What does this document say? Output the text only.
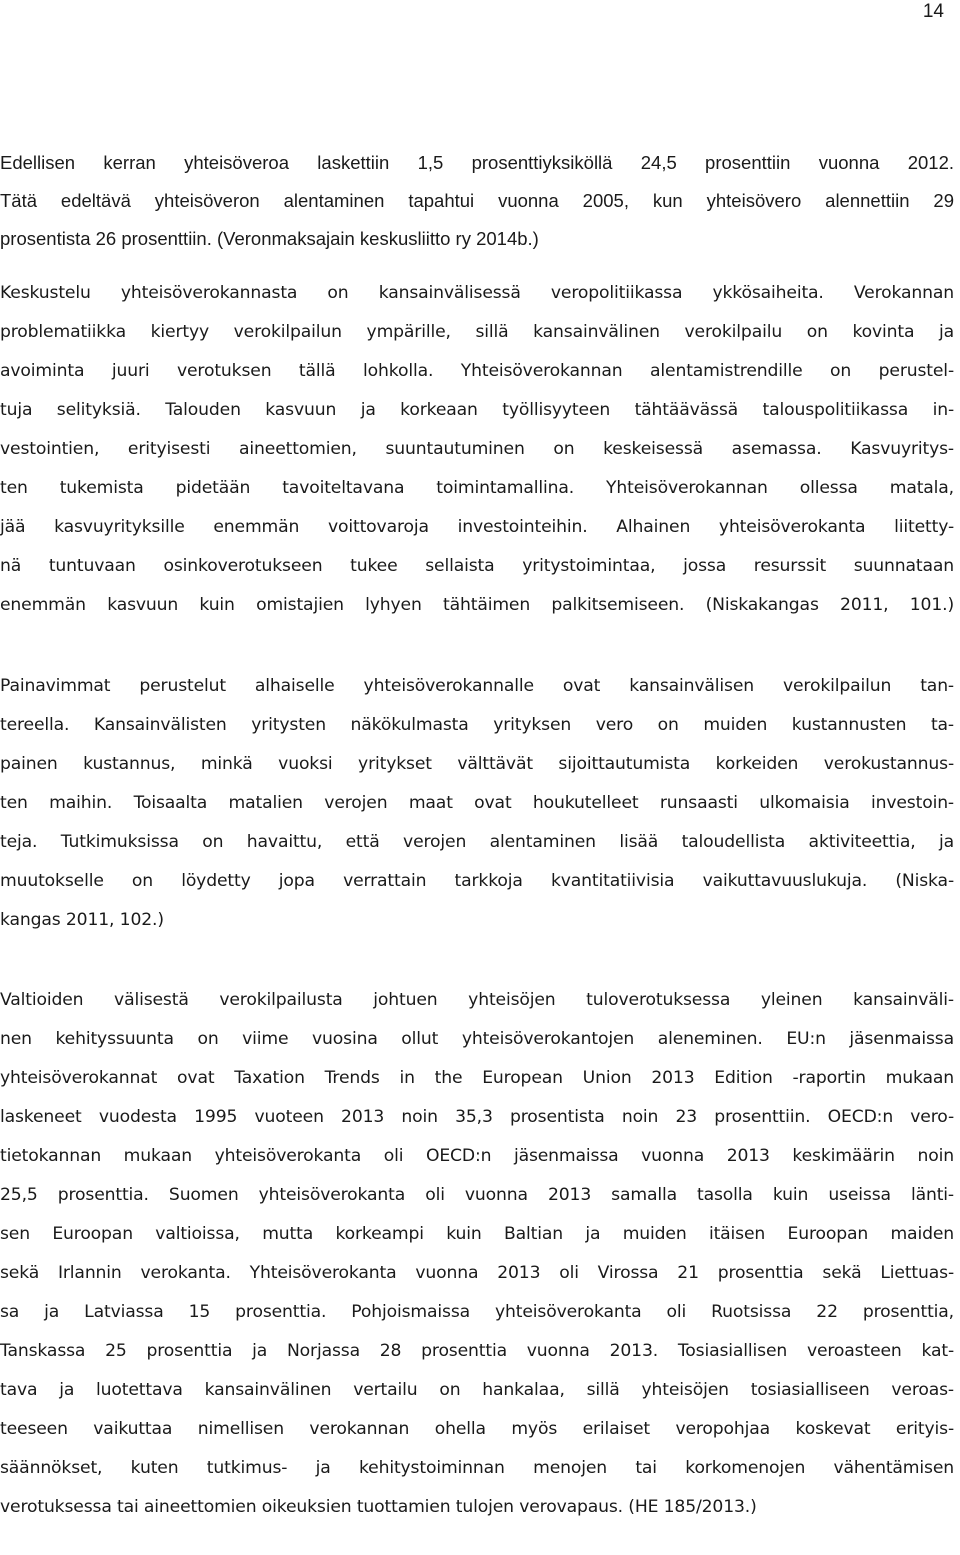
14

Edellisen kerran yhteisöveroa laskettiin 1,5 prosenttiyksiköllä 24,5 prosenttiin vuonna 2012.

Tätä edeltävä yhteisöveron alentaminen tapahtui vuonna 2005, kun yhteisövero alennettiin 29

prosentista 26 prosenttiin. (Veronmaksajain keskusliitto ry 2014b.)

Keskustelu yhteisöverokannasta on kansainvälisessä veropolitiikassa ykkösaiheita. Verokannan

problematiikka kiertyy verokilpailun ympärille, sillä kansainvälinen verokilpailu on kovinta ja

avoiminta juuri verotuksen tällä lohkolla. Yhteisöverokannan alentamistrendille on perustel-

tuja selityksiä. Talouden kasvuun ja korkeaan työllisyyteen tähtäävässä talouspolitiikassa in-

vestointien, erityisesti aineettomien, suuntautuminen on keskeisessä asemassa. Kasvuyritys-

ten tukemista pidetään tavoiteltavana toimintamallina. Yhteisöverokannan ollessa matala,

jää kasvuyrityksille enemmän voittovaroja investointeihin. Alhainen yhteisöverokanta liitetty-

nä tuntuvaan osinkoverotukseen tukee sellaista yritystoimintaa, jossa resurssit suunnataan

enemmän kasvuun kuin omistajien lyhyen tähtäimen palkitsemiseen. (Niskakangas 2011, 101.)

Painavimmat perustelut alhaiselle yhteisöverokannalle ovat kansainvälisen verokilpailun tan-

tereella. Kansainvälisten yritysten näkökulmasta yrityksen vero on muiden kustannusten ta-

painen kustannus, minkä vuoksi yritykset välttävät sijoittautumista korkeiden verokustannus-

ten maihin. Toisaalta matalien verojen maat ovat houkutelleet runsaasti ulkomaisia investoin-

teja. Tutkimuksissa on havaittu, että verojen alentaminen lisää taloudellista aktiviteettia, ja

muutokselle on löydetty jopa verrattain tarkkoja kvantitatiivisia vaikuttavuuslukuja. (Niska-

kangas 2011, 102.)

Valtioiden välisestä verokilpailusta johtuen yhteisöjen tuloverotuksessa yleinen kansainväli-

nen kehityssuunta on viime vuosina ollut yhteisöverokantojen aleneminen. EU:n jäsenmaissa

yhteisöverokannat ovat Taxation Trends in the European Union 2013 Edition -raportin mukaan

laskeneet vuodesta 1995 vuoteen 2013 noin 35,3 prosentista noin 23 prosenttiin. OECD:n vero-

tietokannan mukaan yhteisöverokanta oli OECD:n jäsenmaissa vuonna 2013 keskimäärin noin

25,5 prosenttia. Suomen yhteisöverokanta oli vuonna 2013 samalla tasolla kuin useissa länti-

sen Euroopan valtioissa, mutta korkeampi kuin Baltian ja muiden itäisen Euroopan maiden

sekä Irlannin verokanta. Yhteisöverokanta vuonna 2013 oli Virossa 21 prosenttia sekä Liettuas-

sa ja Latviassa 15 prosenttia. Pohjoismaissa yhteisöverokanta oli Ruotsissa 22 prosenttia,

Tanskassa 25 prosenttia ja Norjassa 28 prosenttia vuonna 2013. Tosiasiallisen veroasteen kat-

tava ja luotettava kansainvälinen vertailu on hankalaa, sillä yhteisöjen tosiasialliseen veroas-

teeseen vaikuttaa nimellisen verokannan ohella myös erilaiset veropohjaa koskevat erityis-

säännökset, kuten tutkimus- ja kehitystoiminnan menojen tai korkomenojen vähentämisen

verotuksessa tai aineettomien oikeuksien tuottamien tulojen verovapaus. (HE 185/2013.)
